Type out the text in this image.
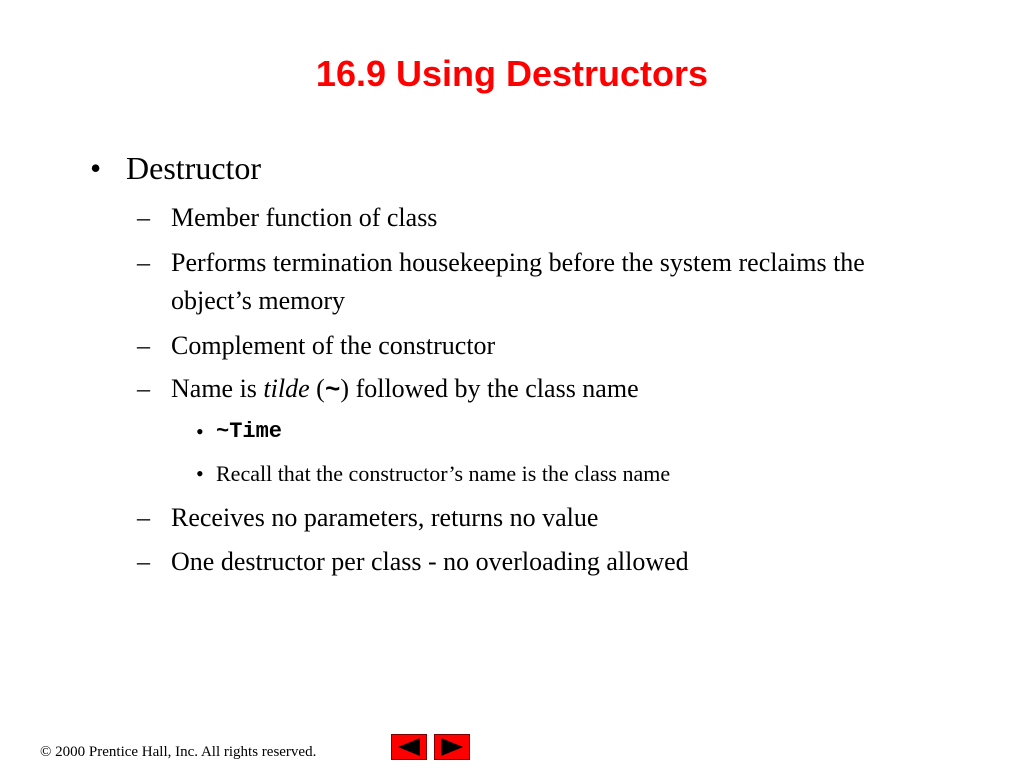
16.9 Using Destructors
• Destructor
– Member function of class
– Performs termination housekeeping before the system reclaims the object’s memory
– Complement of the constructor
– Name is tilde (~) followed by the class name
• ~Time
• Recall that the constructor’s name is the class name
– Receives no parameters, returns no value
– One destructor per class - no overloading allowed
© 2000 Prentice Hall, Inc. All rights reserved.
